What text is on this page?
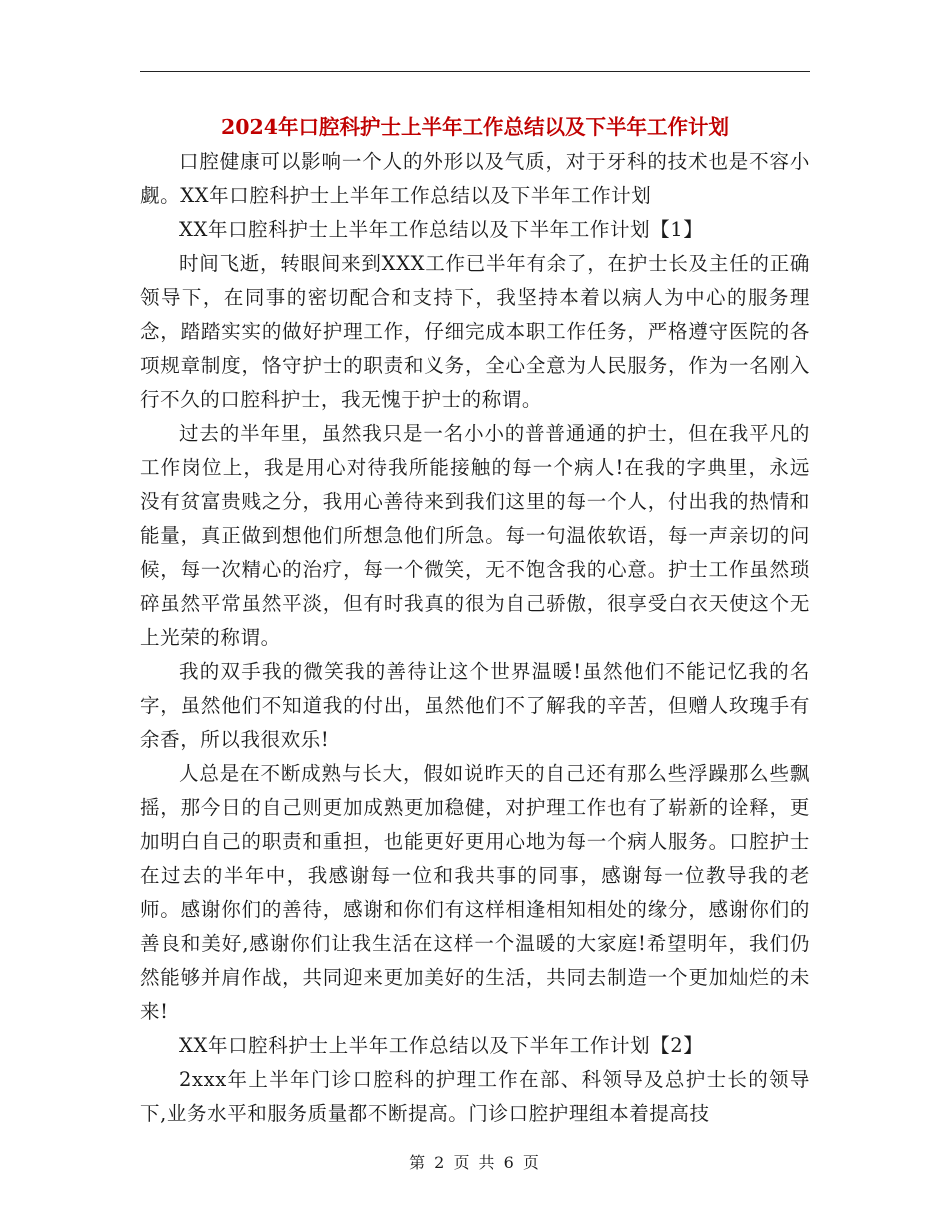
2024年口腔科护士上半年工作总结以及下半年工作计划

口腔健康可以影响一个人的外形以及气质，对于牙科的技术也是不容小觑。XX年口腔科护士上半年工作总结以及下半年工作计划

XX年口腔科护士上半年工作总结以及下半年工作计划【1】

时间飞逝，转眼间来到XXX工作已半年有余了，在护士长及主任的正确领导下，在同事的密切配合和支持下，我坚持本着以病人为中心的服务理念，踏踏实实的做好护理工作，仔细完成本职工作任务，严格遵守医院的各项规章制度，恪守护士的职责和义务，全心全意为人民服务，作为一名刚入行不久的口腔科护士，我无愧于护士的称谓。

过去的半年里，虽然我只是一名小小的普普通通的护士，但在我平凡的工作岗位上，我是用心对待我所能接触的每一个病人!在我的字典里，永远没有贫富贵贱之分，我用心善待来到我们这里的每一个人，付出我的热情和能量，真正做到想他们所想急他们所急。每一句温侬软语，每一声亲切的问候，每一次精心的治疗，每一个微笑，无不饱含我的心意。护士工作虽然琐碎虽然平常虽然平淡，但有时我真的很为自己骄傲，很享受白衣天使这个无上光荣的称谓。

我的双手我的微笑我的善待让这个世界温暖!虽然他们不能记忆我的名字，虽然他们不知道我的付出，虽然他们不了解我的辛苦，但赠人玫瑰手有余香，所以我很欢乐!

人总是在不断成熟与长大，假如说昨天的自己还有那么些浮躁那么些飘摇，那今日的自己则更加成熟更加稳健，对护理工作也有了崭新的诠释，更加明白自己的职责和重担，也能更好更用心地为每一个病人服务。口腔护士在过去的半年中，我感谢每一位和我共事的同事，感谢每一位教导我的老师。感谢你们的善待，感谢和你们有这样相逢相知相处的缘分，感谢你们的善良和美好,感谢你们让我生活在这样一个温暖的大家庭!希望明年，我们仍然能够并肩作战，共同迎来更加美好的生活，共同去制造一个更加灿烂的未来!

XX年口腔科护士上半年工作总结以及下半年工作计划【2】

2xxx年上半年门诊口腔科的护理工作在部、科领导及总护士长的领导下,业务水平和服务质量都不断提高。门诊口腔护理组本着提高技

第 2 页 共 6 页
